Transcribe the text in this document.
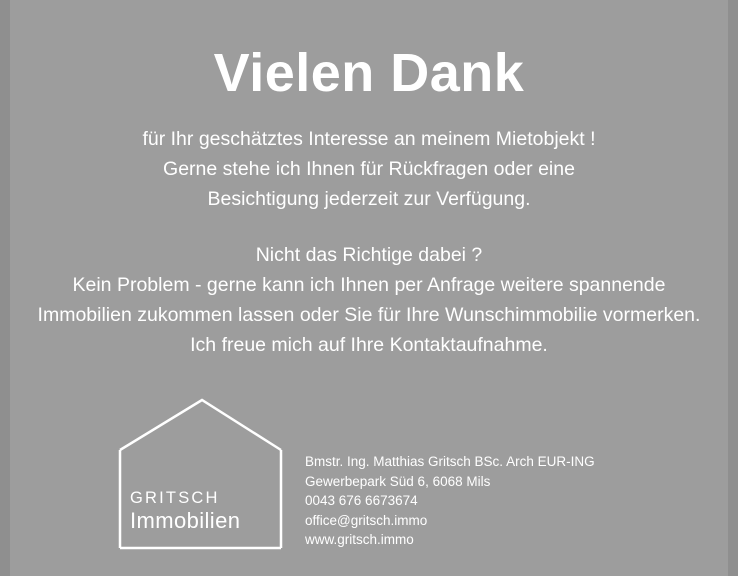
Vielen Dank
für Ihr geschätztes Interesse an meinem Mietobjekt !
Gerne stehe ich Ihnen für Rückfragen oder eine
Besichtigung jederzeit zur Verfügung.
Nicht das Richtige dabei ?
Kein Problem - gerne kann ich Ihnen per Anfrage weitere spannende
Immobilien zukommen lassen oder Sie für Ihre Wunschimmobilie vormerken.
Ich freue mich auf Ihre Kontaktaufnahme.
GRITSCH
Immobilien
Bmstr. Ing. Matthias Gritsch BSc. Arch EUR-ING
Gewerbepark Süd 6, 6068 Mils
0043 676 6673674
office@gritsch.immo
www.gritsch.immo
